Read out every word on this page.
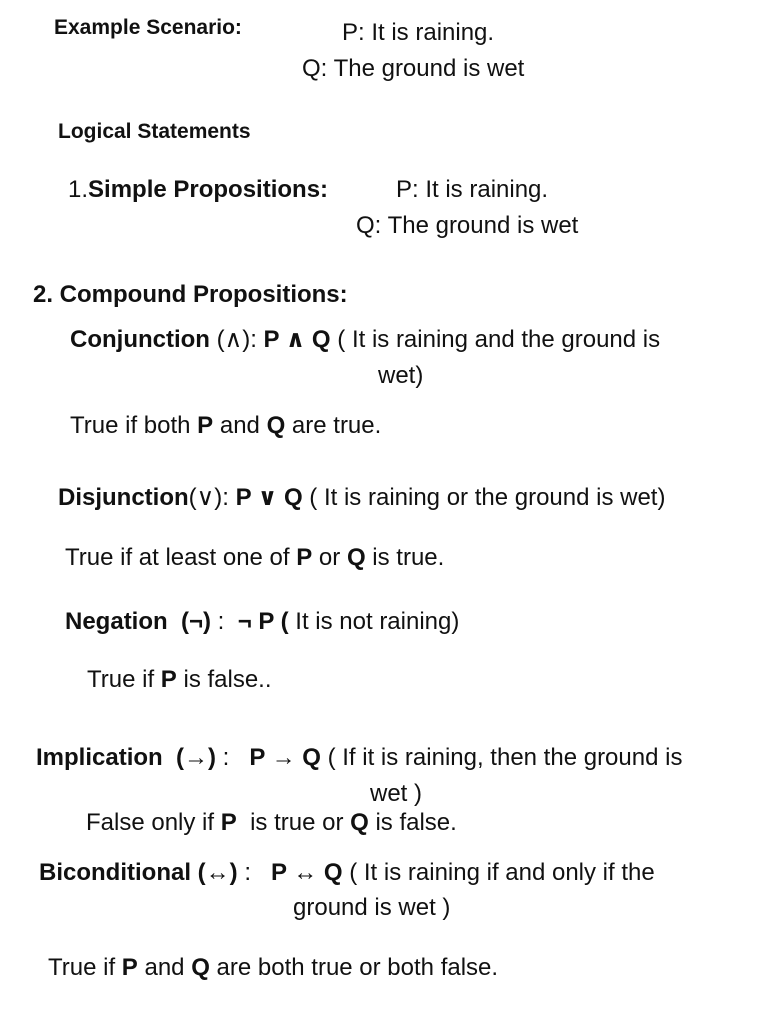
Example Scenario:	P: It is raining.
Q: The ground is wet
Logical Statements
1.Simple Propositions:	P: It is raining.
Q: The ground is wet
2. Compound Propositions:
Conjunction (∧): P ∧ Q ( It is raining and the ground is
wet)
True if both P and Q are true.
Disjunction(∨): P ∨ Q ( It is raining or the ground is wet)
True if at least one of P or Q is true.
Negation  (¬) :  ¬ P ( It is not raining)
True if P is false..
Implication  (→) :   P → Q ( If it is raining, then the ground is
wet )
False only if P  is true or Q is false.
Biconditional (↔) :   P ↔ Q ( It is raining if and only if the
ground is wet )
True if P and Q are both true or both false.
